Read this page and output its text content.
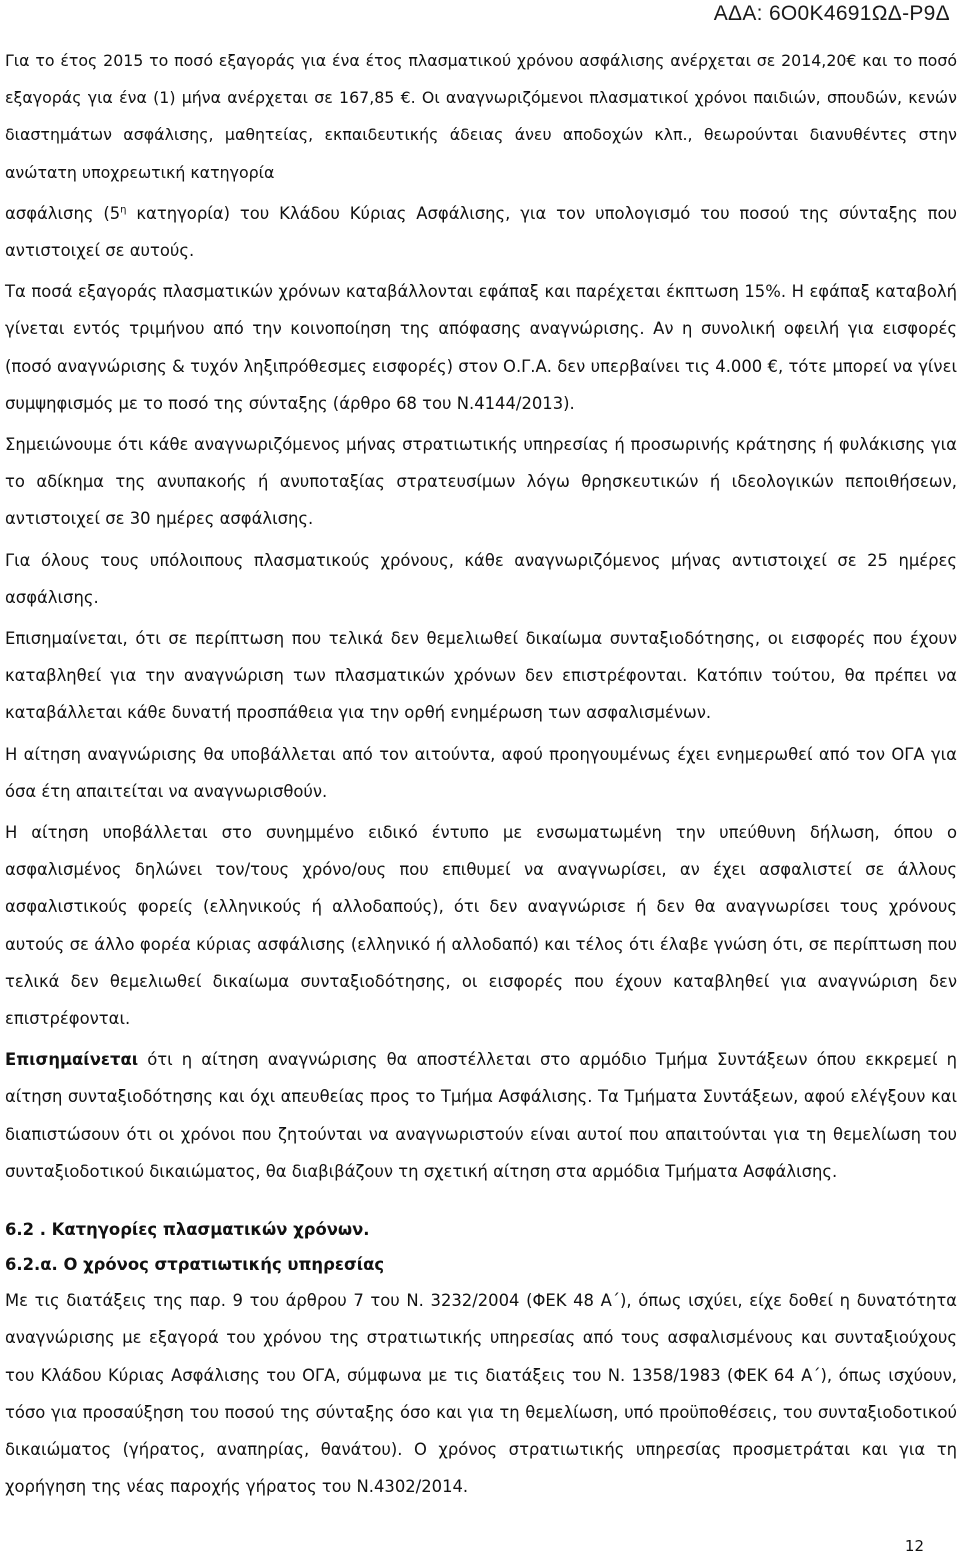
ΑΔΑ: 6Ο0Κ4691ΩΔ-Ρ9Δ

Για το έτος 2015 το ποσό εξαγοράς για ένα έτος πλασματικού χρόνου ασφάλισης ανέρχεται σε 2014,20€ και το ποσό εξαγοράς για ένα (1) μήνα ανέρχεται σε 167,85 €. Οι αναγνωριζόμενοι πλασματικοί χρόνοι παιδιών, σπουδών, κενών διαστημάτων ασφάλισης, μαθητείας, εκπαιδευτικής άδειας άνευ αποδοχών κλπ., θεωρούνται διανυθέντες στην ανώτατη υποχρεωτική κατηγορία

ασφάλισης ($5^\eta$ κατηγορία) του Κλάδου Κύριας Ασφάλισης, για τον υπολογισμό του ποσού της σύνταξης που αντιστοιχεί σε αυτούς.

Τα ποσά εξαγοράς πλασματικών χρόνων καταβάλλονται εφάπαξ και παρέχεται έκπτωση 15%. Η εφάπαξ καταβολή γίνεται εντός τριμήνου από την κοινοποίηση της απόφασης αναγνώρισης. Αν η συνολική οφειλή για εισφορές (ποσό αναγνώρισης & τυχόν ληξιπρόθεσμες εισφορές) στον Ο.Γ.Α. δεν υπερβαίνει τις 4.000 €, τότε μπορεί να γίνει συμψηφισμός με το ποσό της σύνταξης (άρθρο 68 του Ν.4144/2013).

Σημειώνουμε ότι κάθε αναγνωριζόμενος μήνας στρατιωτικής υπηρεσίας ή προσωρινής κράτησης ή φυλάκισης για το αδίκημα της ανυπακοής ή ανυποταξίας στρατευσίμων λόγω θρησκευτικών ή ιδεολογικών πεποιθήσεων, αντιστοιχεί σε 30 ημέρες ασφάλισης.

Για όλους τους υπόλοιπους πλασματικούς χρόνους, κάθε αναγνωριζόμενος μήνας αντιστοιχεί σε 25 ημέρες ασφάλισης.

Επισημαίνεται, ότι σε περίπτωση που τελικά δεν θεμελιωθεί δικαίωμα συνταξιοδότησης, οι εισφορές που έχουν καταβληθεί για την αναγνώριση των πλασματικών χρόνων δεν επιστρέφονται. Κατόπιν τούτου, θα πρέπει να καταβάλλεται κάθε δυνατή προσπάθεια για την ορθή ενημέρωση των ασφαλισμένων.

Η αίτηση αναγνώρισης θα υποβάλλεται από τον αιτούντα, αφού προηγουμένως έχει ενημερωθεί από τον ΟΓΑ για όσα έτη απαιτείται να αναγνωρισθούν.

Η αίτηση υποβάλλεται στο συνημμένο ειδικό έντυπο με ενσωματωμένη την υπεύθυνη δήλωση, όπου ο ασφαλισμένος δηλώνει τον/τους χρόνο/ους που επιθυμεί να αναγνωρίσει, αν έχει ασφαλιστεί σε άλλους ασφαλιστικούς φορείς (ελληνικούς ή αλλοδαπούς), ότι δεν αναγνώρισε ή δεν θα αναγνωρίσει τους χρόνους αυτούς σε άλλο φορέα κύριας ασφάλισης (ελληνικό ή αλλοδαπό) και τέλος ότι έλαβε γνώση ότι, σε περίπτωση που τελικά δεν θεμελιωθεί δικαίωμα συνταξιοδότησης, οι εισφορές που έχουν καταβληθεί για αναγνώριση δεν επιστρέφονται.

Επισημαίνεται ότι η αίτηση αναγνώρισης θα αποστέλλεται στο αρμόδιο Τμήμα Συντάξεων όπου εκκρεμεί η αίτηση συνταξιοδότησης και όχι απευθείας προς το Τμήμα Ασφάλισης. Τα Τμήματα Συντάξεων, αφού ελέγξουν και διαπιστώσουν ότι οι χρόνοι που ζητούνται να αναγνωριστούν είναι αυτοί που απαιτούνται για τη θεμελίωση του συνταξιοδοτικού δικαιώματος, θα διαβιβάζουν τη σχετική αίτηση στα αρμόδια Τμήματα Ασφάλισης.

6.2 . Κατηγορίες πλασματικών χρόνων.
6.2.α. Ο χρόνος στρατιωτικής υπηρεσίας

Με τις διατάξεις της παρ. 9 του άρθρου 7 του Ν. 3232/2004 (ΦΕΚ 48 Α΄), όπως ισχύει, είχε δοθεί η δυνατότητα αναγνώρισης με εξαγορά του χρόνου της στρατιωτικής υπηρεσίας από τους ασφαλισμένους και συνταξιούχους του Κλάδου Κύριας Ασφάλισης του ΟΓΑ, σύμφωνα με τις διατάξεις του Ν. 1358/1983 (ΦΕΚ 64 Α΄), όπως ισχύουν, τόσο για προσαύξηση του ποσού της σύνταξης όσο και για τη θεμελίωση, υπό προϋποθέσεις, του συνταξιοδοτικού δικαιώματος (γήρατος, αναπηρίας, θανάτου). Ο χρόνος στρατιωτικής υπηρεσίας προσμετράται και για τη χορήγηση της νέας παροχής γήρατος του Ν.4302/2014.

12
